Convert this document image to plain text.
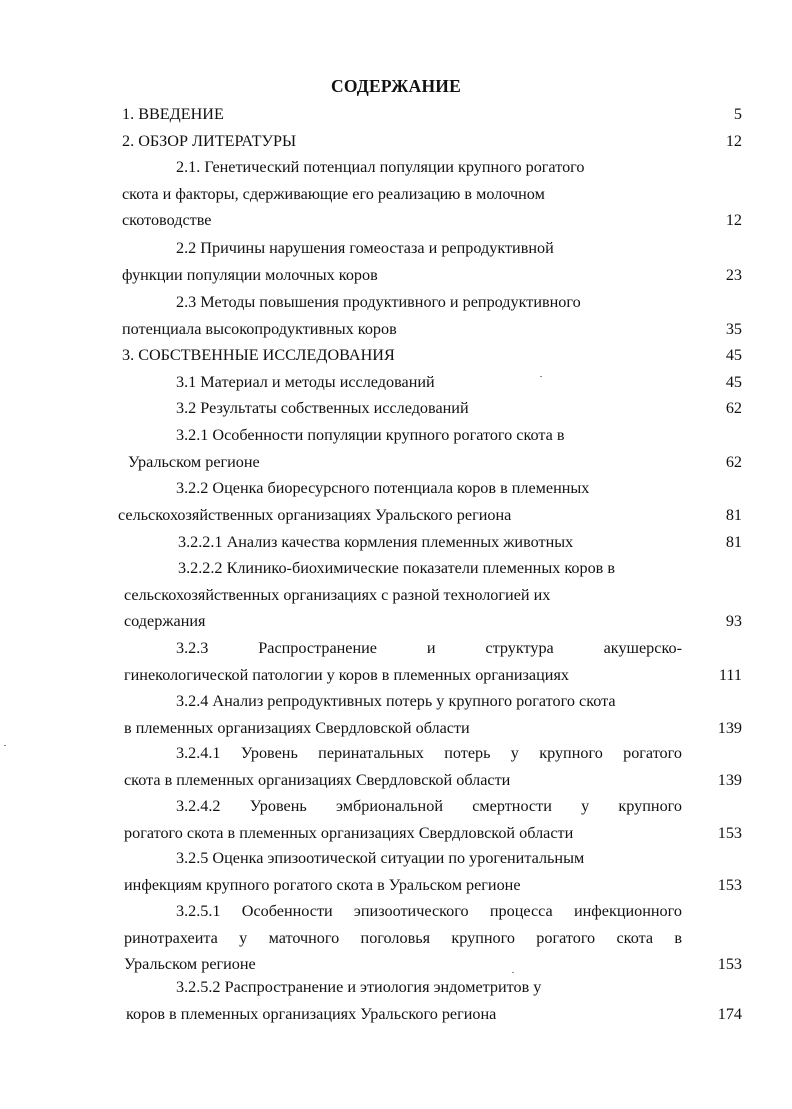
СОДЕРЖАНИЕ
1. ВВЕДЕНИЕ	5
2. ОБЗОР ЛИТЕРАТУРЫ	12
2.1. Генетический потенциал популяции крупного рогатого
скота и факторы, сдерживающие его реализацию в молочном
скотоводстве	12
2.2 Причины нарушения гомеостаза и репродуктивной
функции популяции молочных коров	23
2.3 Методы повышения продуктивного и репродуктивного
потенциала высокопродуктивных коров	35
3. СОБСТВЕННЫЕ ИССЛЕДОВАНИЯ	45
3.1 Материал и методы исследований	45
3.2 Результаты собственных исследований	62
3.2.1 Особенности популяции крупного рогатого скота в
Уральском регионе	62
3.2.2 Оценка биоресурсного потенциала коров в племенных
сельскохозяйственных организациях Уральского региона	81
3.2.2.1 Анализ качества кормления племенных животных	81
3.2.2.2 Клинико-биохимические показатели племенных коров в
сельскохозяйственных организациях с разной технологией их
содержания	93
3.2.3 Распространение и структура акушерско-
гинекологической патологии у коров в племенных организациях	111
3.2.4 Анализ репродуктивных потерь у крупного рогатого скота
в племенных организациях Свердловской области	139
3.2.4.1 Уровень перинатальных потерь у крупного рогатого
скота в племенных организациях Свердловской области	139
3.2.4.2 Уровень эмбриональной смертности у крупного
рогатого скота в племенных организациях Свердловской области	153
3.2.5 Оценка эпизоотической ситуации по урогенитальным
инфекциям крупного рогатого скота в Уральском регионе	153
3.2.5.1 Особенности эпизоотического процесса инфекционного
ринотрахеита у маточного поголовья крупного рогатого скота в
Уральском регионе	153
3.2.5.2 Распространение и этиология эндометритов у
коров в племенных организациях Уральского региона	174
